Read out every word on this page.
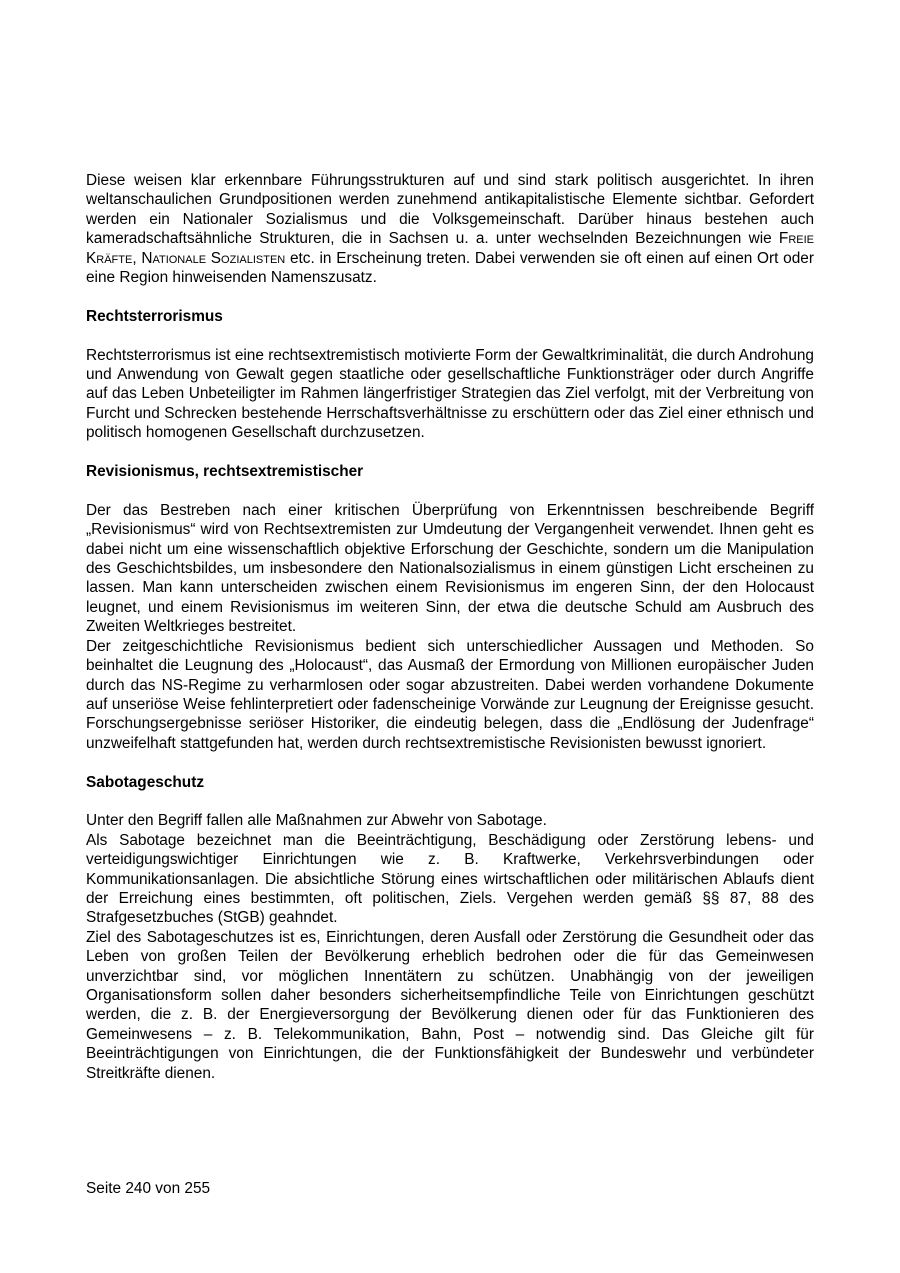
Diese weisen klar erkennbare Führungsstrukturen auf und sind stark politisch ausgerichtet. In ihren weltanschaulichen Grundpositionen werden zunehmend antikapitalistische Elemente sichtbar. Gefordert werden ein Nationaler Sozialismus und die Volksgemeinschaft. Darüber hinaus bestehen auch kameradschaftsähnliche Strukturen, die in Sachsen u. a. unter wechselnden Bezeichnungen wie Freie Kräfte, Nationale Sozialisten etc. in Erscheinung treten. Dabei verwenden sie oft einen auf einen Ort oder eine Region hinweisenden Namenszusatz.

Rechtsterrorismus

Rechtsterrorismus ist eine rechtsextremistisch motivierte Form der Gewaltkriminalität, die durch Androhung und Anwendung von Gewalt gegen staatliche oder gesellschaftliche Funktionsträger oder durch Angriffe auf das Leben Unbeteiligter im Rahmen längerfristiger Strategien das Ziel verfolgt, mit der Verbreitung von Furcht und Schrecken bestehende Herrschaftsverhältnisse zu erschüttern oder das Ziel einer ethnisch und politisch homogenen Gesellschaft durchzusetzen.

Revisionismus, rechtsextremistischer

Der das Bestreben nach einer kritischen Überprüfung von Erkenntnissen beschreibende Begriff „Revisionismus“ wird von Rechtsextremisten zur Umdeutung der Vergangenheit verwendet. Ihnen geht es dabei nicht um eine wissenschaftlich objektive Erforschung der Geschichte, sondern um die Manipulation des Geschichtsbildes, um insbesondere den Nationalsozialismus in einem günstigen Licht erscheinen zu lassen. Man kann unterscheiden zwischen einem Revisionismus im engeren Sinn, der den Holocaust leugnet, und einem Revisionismus im weiteren Sinn, der etwa die deutsche Schuld am Ausbruch des Zweiten Weltkrieges bestreitet.

Der zeitgeschichtliche Revisionismus bedient sich unterschiedlicher Aussagen und Methoden. So beinhaltet die Leugnung des „Holocaust“, das Ausmaß der Ermordung von Millionen europäischer Juden durch das NS-Regime zu verharmlosen oder sogar abzustreiten. Dabei werden vorhandene Dokumente auf unseriöse Weise fehlinterpretiert oder fadenscheinige Vorwände zur Leugnung der Ereignisse gesucht. Forschungsergebnisse seriöser Historiker, die eindeutig belegen, dass die „Endlösung der Judenfrage“ unzweifelhaft stattgefunden hat, werden durch rechtsextremistische Revisionisten bewusst ignoriert.

Sabotageschutz

Unter den Begriff fallen alle Maßnahmen zur Abwehr von Sabotage.

Als Sabotage bezeichnet man die Beeinträchtigung, Beschädigung oder Zerstörung lebens- und verteidigungswichtiger Einrichtungen wie z. B. Kraftwerke, Verkehrsverbindungen oder Kommunikationsanlagen. Die absichtliche Störung eines wirtschaftlichen oder militärischen Ablaufs dient der Erreichung eines bestimmten, oft politischen, Ziels. Vergehen werden gemäß §§ 87, 88 des Strafgesetzbuches (StGB) geahndet.

Ziel des Sabotageschutzes ist es, Einrichtungen, deren Ausfall oder Zerstörung die Gesundheit oder das Leben von großen Teilen der Bevölkerung erheblich bedrohen oder die für das Gemeinwesen unverzichtbar sind, vor möglichen Innentätern zu schützen. Unabhängig von der jeweiligen Organisationsform sollen daher besonders sicherheitsempfindliche Teile von Einrichtungen geschützt werden, die z. B. der Energieversorgung der Bevölkerung dienen oder für das Funktionieren des Gemeinwesens – z. B. Telekommunikation, Bahn, Post – notwendig sind. Das Gleiche gilt für Beeinträchtigungen von Einrichtungen, die der Funktionsfähigkeit der Bundeswehr und verbündeter Streitkräfte dienen.

Seite 240 von 255
